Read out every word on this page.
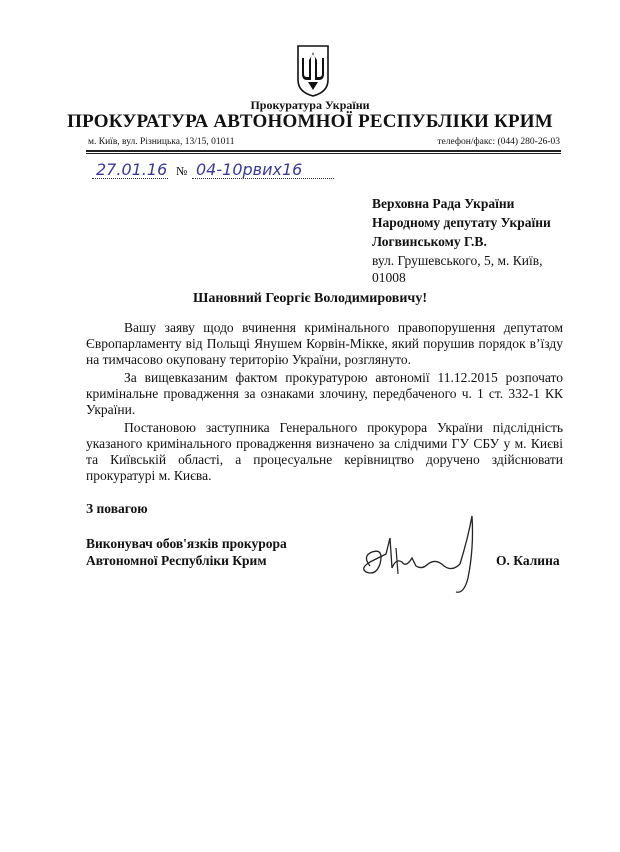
Прокуратура України
ПРОКУРАТУРА АВТОНОМНОЇ РЕСПУБЛІКИ КРИМ
м. Київ, вул. Різницька, 13/15, 01011	телефон/факс: (044) 280-26-03
27.01.16 № 04-10рвих16
Верховна Рада України
Народному депутату України
Логвинському Г.В.
вул. Грушевського, 5, м. Київ,
01008
Шановний Георгіє Володимировичу!
Вашу заяву щодо вчинення кримінального правопорушення депутатом Європарламенту від Польщі Янушем Корвін-Мікке, який порушив порядок в’їзду на тимчасово окуповану територію України, розглянуто.
За вищевказаним фактом прокуратурою автономії 11.12.2015 розпочато кримінальне провадження за ознаками злочину, передбаченого ч. 1 ст. 332-1 КК України.
Постановою заступника Генерального прокурора України підслідність указаного кримінального провадження визначено за слідчими ГУ СБУ у м. Києві та Київській області, а процесуальне керівництво доручено здійснювати прокуратурі м. Києва.
З повагою
Виконувач обов'язків прокурора
Автономної Республіки Крим	О. Калина
